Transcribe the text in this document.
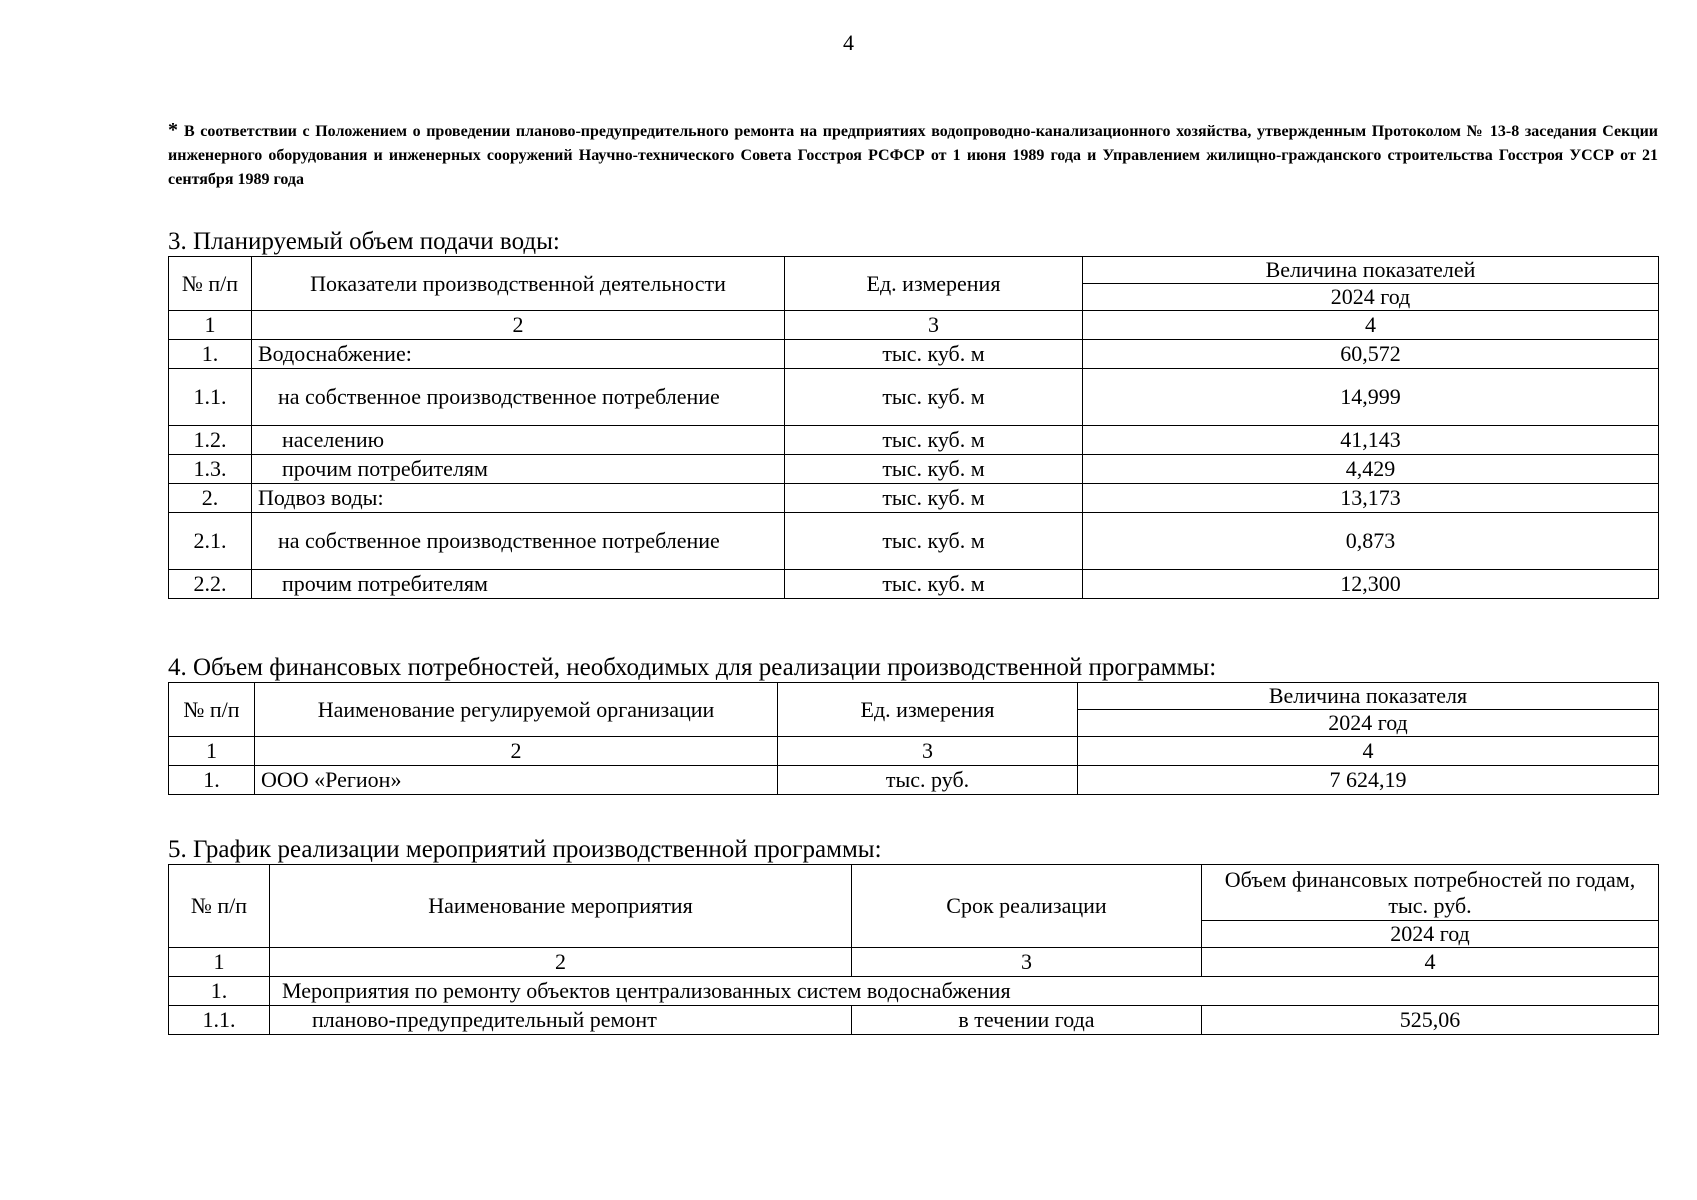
4
* В соответствии с Положением о проведении планово-предупредительного ремонта на предприятиях водопроводно-канализационного хозяйства, утвержденным Протоколом № 13-8 заседания Секции инженерного оборудования и инженерных сооружений Научно-технического Совета Госстроя РСФСР от 1 июня 1989 года и Управлением жилищно-гражданского строительства Госстроя УССР от 21 сентября 1989 года
3. Планируемый объем подачи воды:
№ п/п	Показатели производственной деятельности	Ед. измерения	Величина показателей
			2024 год
1	2	3	4
1.	Водоснабжение:	тыс. куб. м	60,572
1.1.	на собственное производственное потребление	тыс. куб. м	14,999
1.2.	населению	тыс. куб. м	41,143
1.3.	прочим потребителям	тыс. куб. м	4,429
2.	Подвоз воды:	тыс. куб. м	13,173
2.1.	на собственное производственное потребление	тыс. куб. м	0,873
2.2.	прочим потребителям	тыс. куб. м	12,300
4. Объем финансовых потребностей, необходимых для реализации производственной программы:
№ п/п	Наименование регулируемой организации	Ед. измерения	Величина показателя
			2024 год
1	2	3	4
1.	ООО «Регион»	тыс. руб.	7 624,19
5. График реализации мероприятий производственной программы:
№ п/п	Наименование мероприятия	Срок реализации	Объем финансовых потребностей по годам, тыс. руб.
			2024 год
1	2	3	4
1.	Мероприятия по ремонту объектов централизованных систем водоснабжения		
1.1.	планово-предупредительный ремонт	в течении года	525,06
